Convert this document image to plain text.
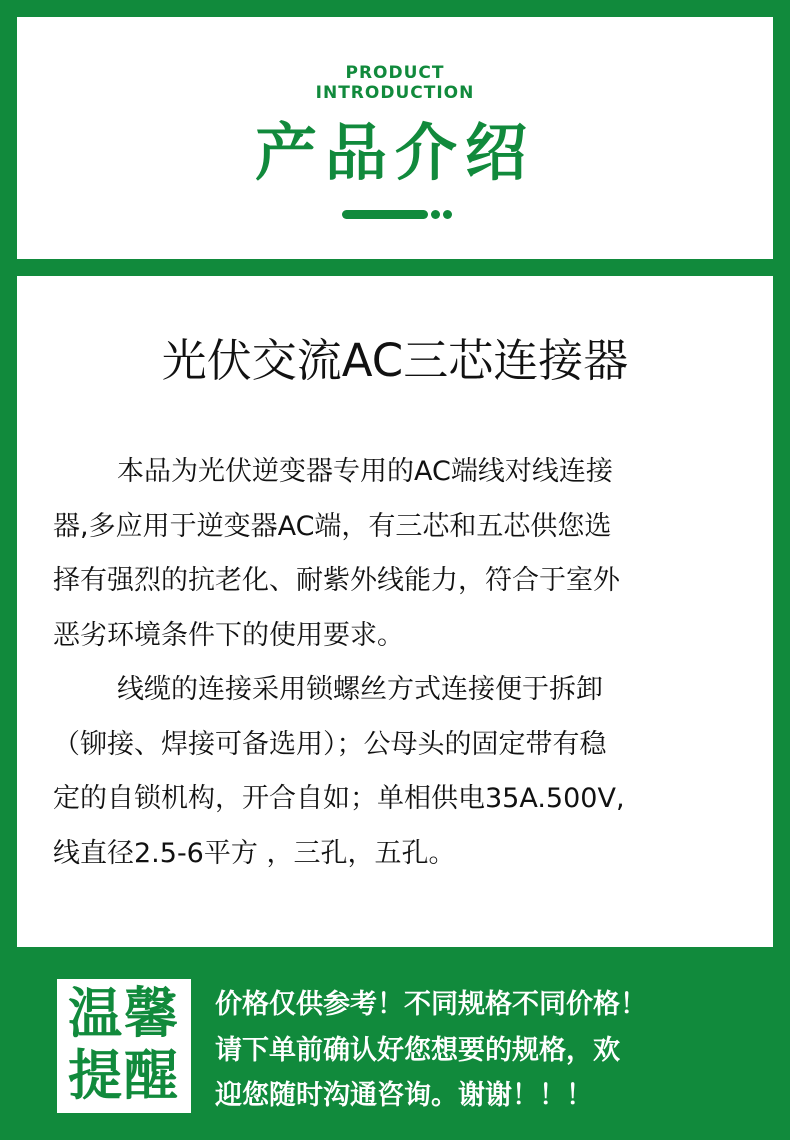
PRODUCT
INTRODUCTION
产品介绍
光伏交流AC三芯连接器

本品为光伏逆变器专用的AC端线对线连接
器,多应用于逆变器AC端，有三芯和五芯供您选
择有强烈的抗老化、耐紫外线能力，符合于室外
恶劣环境条件下的使用要求。

线缆的连接采用锁螺丝方式连接便于拆卸
（铆接、焊接可备选用）；公母头的固定带有稳
定的自锁机构，开合自如；单相供电35A.500V,
线直径2.5-6平方 ，三孔，五孔。

温馨
提醒
价格仅供参考！不同规格不同价格！
请下单前确认好您想要的规格，欢
迎您随时沟通咨询。谢谢！！！
